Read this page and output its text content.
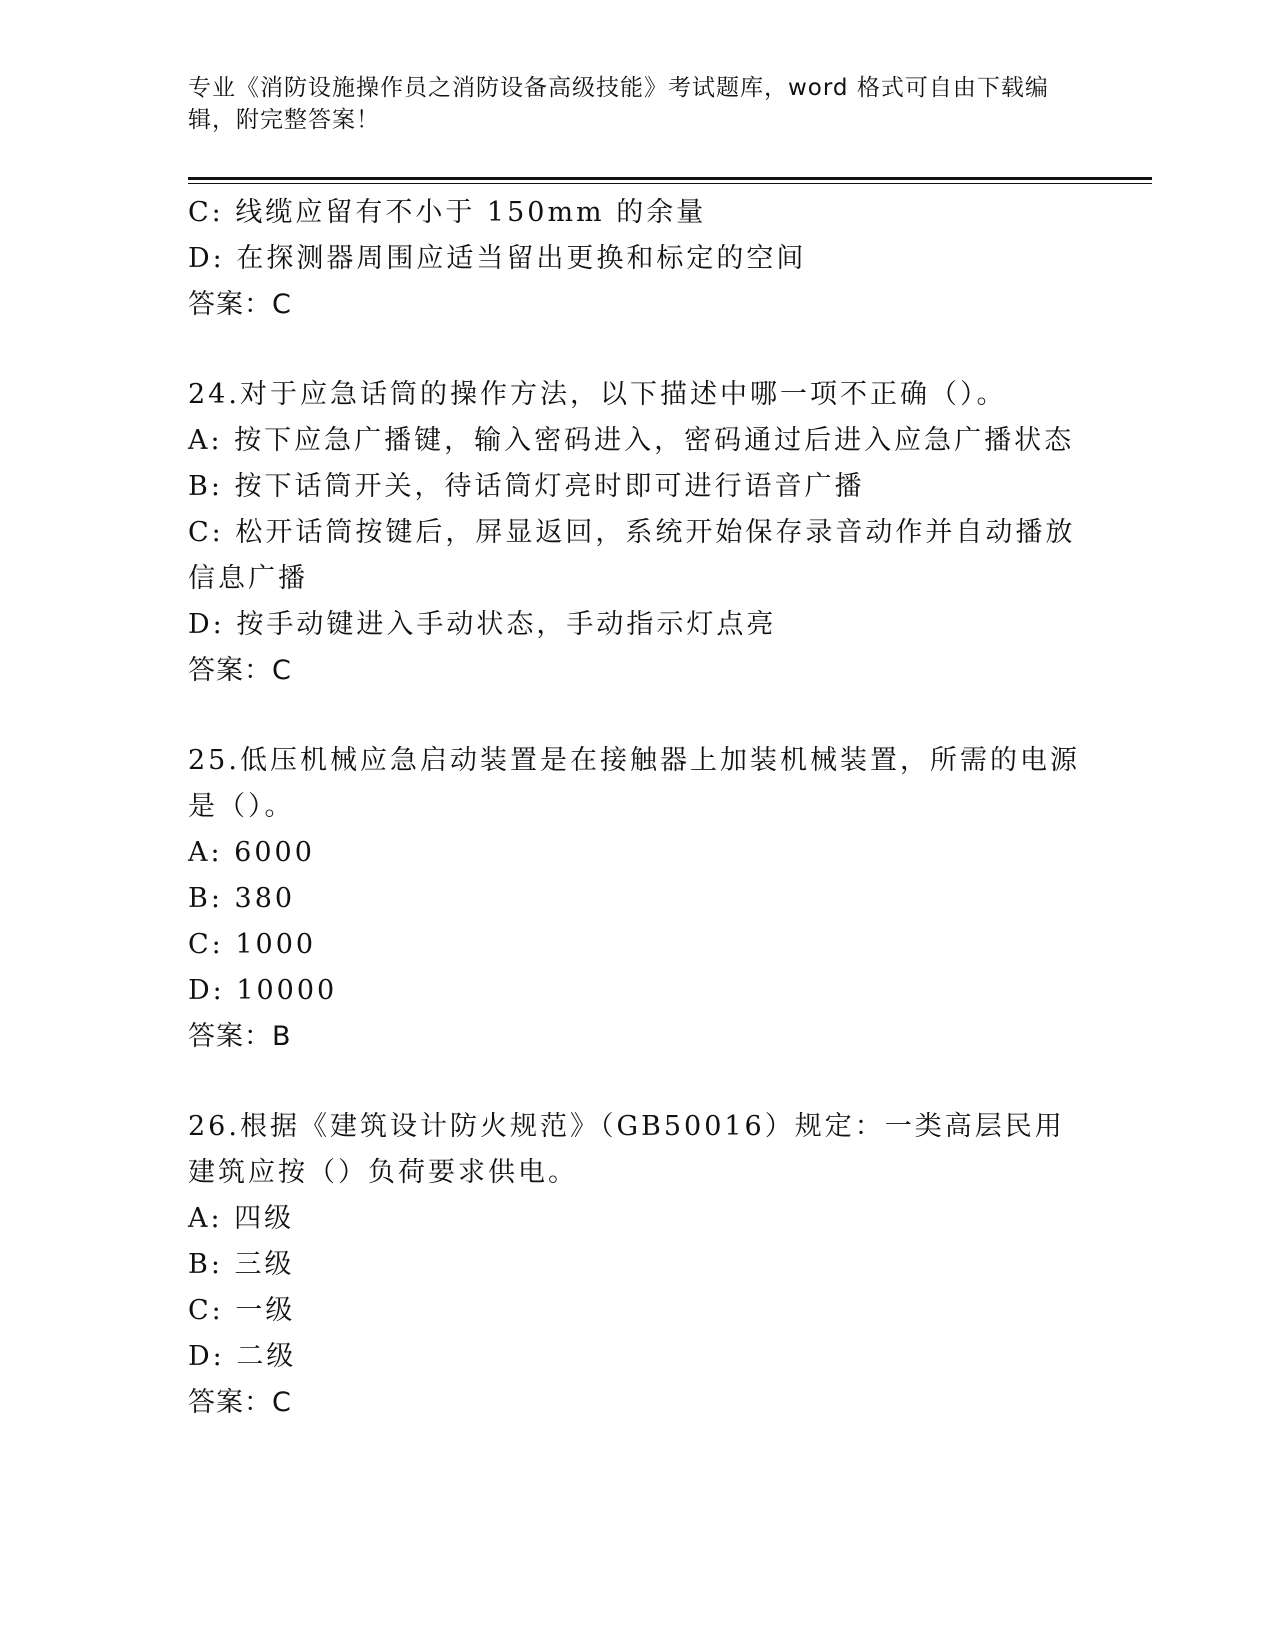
专业《消防设施操作员之消防设备高级技能》考试题库，word 格式可自由下载编辑，附完整答案！
C: 线缆应留有不小于 150mm 的余量
D: 在探测器周围应适当留出更换和标定的空间
答案：C
24.对于应急话筒的操作方法，以下描述中哪一项不正确（）。
A: 按下应急广播键，输入密码进入，密码通过后进入应急广播状态
B: 按下话筒开关，待话筒灯亮时即可进行语音广播
C: 松开话筒按键后，屏显返回，系统开始保存录音动作并自动播放信息广播
D: 按手动键进入手动状态，手动指示灯点亮
答案：C
25.低压机械应急启动装置是在接触器上加装机械装置，所需的电源是（）。
A: 6000
B: 380
C: 1000
D: 10000
答案：B
26.根据《建筑设计防火规范》（GB50016）规定：一类高层民用建筑应按（）负荷要求供电。
A: 四级
B: 三级
C: 一级
D: 二级
答案：C
